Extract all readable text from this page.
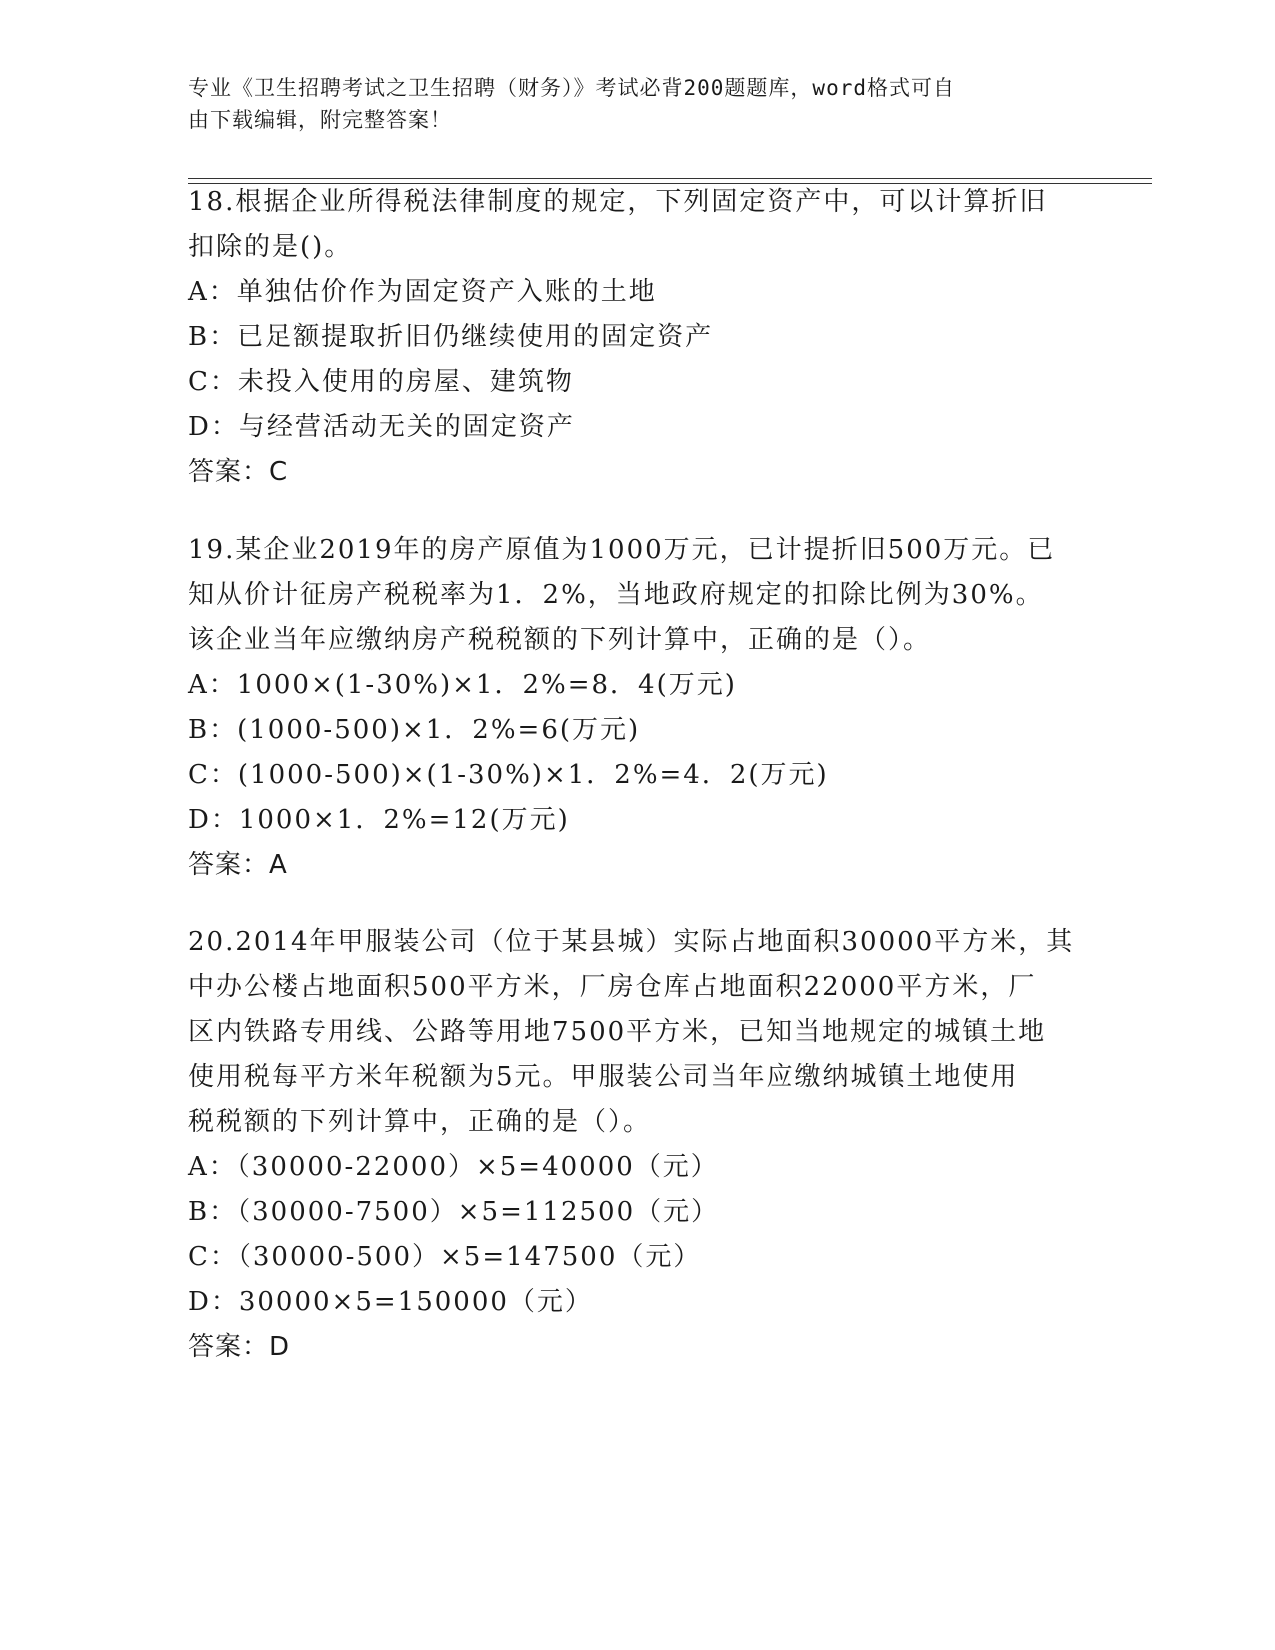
专业《卫生招聘考试之卫生招聘（财务）》考试必背200题题库，word格式可自
由下载编辑，附完整答案！
18.根据企业所得税法律制度的规定，下列固定资产中，可以计算折旧
扣除的是()。
A：单独估价作为固定资产入账的土地
B：已足额提取折旧仍继续使用的固定资产
C：未投入使用的房屋、建筑物
D：与经营活动无关的固定资产
答案：C
19.某企业2019年的房产原值为1000万元，已计提折旧500万元。已
知从价计征房产税税率为1．2%，当地政府规定的扣除比例为30%。
该企业当年应缴纳房产税税额的下列计算中，正确的是（）。
A：1000×(1-30%)×1．2%=8．4(万元)
B：(1000-500)×1．2%=6(万元)
C：(1000-500)×(1-30%)×1．2%=4．2(万元)
D：1000×1．2%=12(万元)
答案：A
20.2014年甲服装公司（位于某县城）实际占地面积30000平方米，其
中办公楼占地面积500平方米，厂房仓库占地面积22000平方米，厂
区内铁路专用线、公路等用地7500平方米，已知当地规定的城镇土地
使用税每平方米年税额为5元。甲服装公司当年应缴纳城镇土地使用
税税额的下列计算中，正确的是（）。
A：（30000-22000）×5=40000（元）
B：（30000-7500）×5=112500（元）
C：（30000-500）×5=147500（元）
D：30000×5=150000（元）
答案：D
